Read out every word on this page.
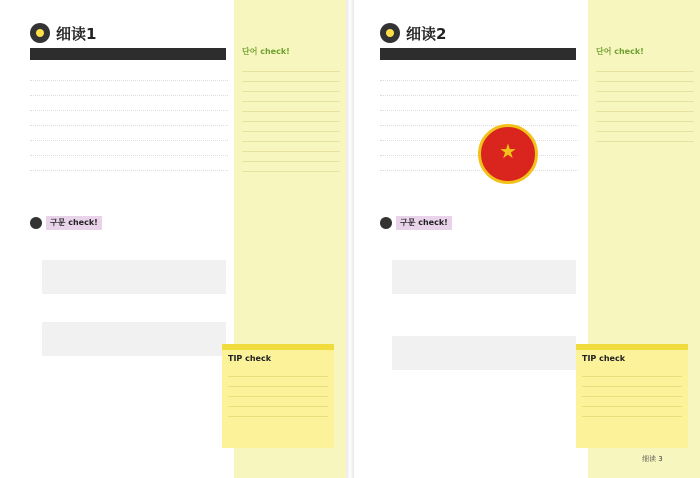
细读1
구문 check!
단어 check!
TIP check
细读2
★
구문 check!
단어 check!
TIP check
细读 3
